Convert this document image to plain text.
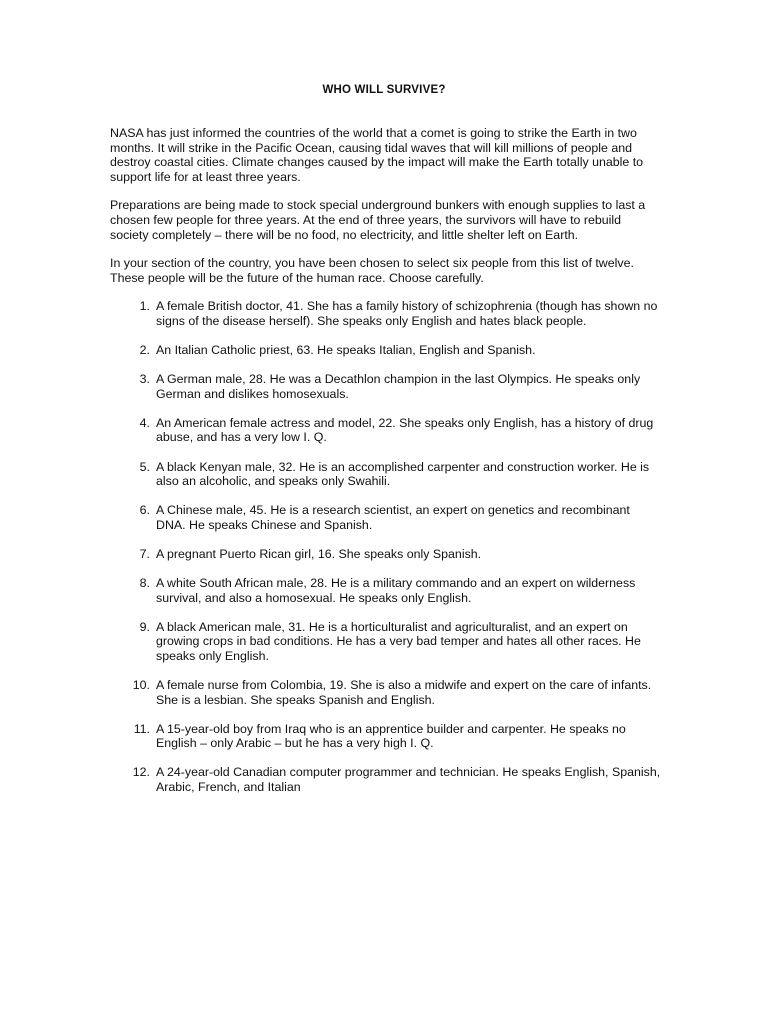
WHO WILL SURVIVE?

NASA has just informed the countries of the world that a comet is going to strike the Earth in two months. It will strike in the Pacific Ocean, causing tidal waves that will kill millions of people and destroy coastal cities. Climate changes caused by the impact will make the Earth totally unable to support life for at least three years.

Preparations are being made to stock special underground bunkers with enough supplies to last a chosen few people for three years. At the end of three years, the survivors will have to rebuild society completely – there will be no food, no electricity, and little shelter left on Earth.

In your section of the country, you have been chosen to select six people from this list of twelve. These people will be the future of the human race. Choose carefully.

1. A female British doctor, 41. She has a family history of schizophrenia (though has shown no signs of the disease herself). She speaks only English and hates black people.
2. An Italian Catholic priest, 63. He speaks Italian, English and Spanish.
3. A German male, 28. He was a Decathlon champion in the last Olympics. He speaks only German and dislikes homosexuals.
4. An American female actress and model, 22. She speaks only English, has a history of drug abuse, and has a very low I. Q.
5. A black Kenyan male, 32. He is an accomplished carpenter and construction worker. He is also an alcoholic, and speaks only Swahili.
6. A Chinese male, 45. He is a research scientist, an expert on genetics and recombinant DNA. He speaks Chinese and Spanish.
7. A pregnant Puerto Rican girl, 16. She speaks only Spanish.
8. A white South African male, 28. He is a military commando and an expert on wilderness survival, and also a homosexual. He speaks only English.
9. A black American male, 31. He is a horticulturalist and agriculturalist, and an expert on growing crops in bad conditions. He has a very bad temper and hates all other races. He speaks only English.
10. A female nurse from Colombia, 19. She is also a midwife and expert on the care of infants. She is a lesbian. She speaks Spanish and English.
11. A 15-year-old boy from Iraq who is an apprentice builder and carpenter. He speaks no English – only Arabic – but he has a very high I. Q.
12. A 24-year-old Canadian computer programmer and technician. He speaks English, Spanish, Arabic, French, and Italian
